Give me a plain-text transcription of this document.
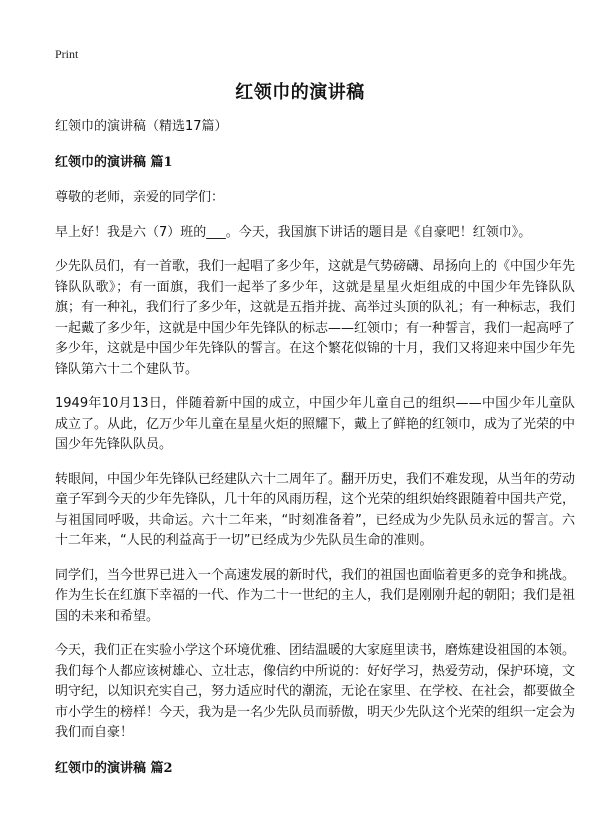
Print
红领巾的演讲稿
红领巾的演讲稿（精选17篇）
红领巾的演讲稿 篇1
尊敬的老师，亲爱的同学们：
早上好！我是六（7）班的___。今天，我国旗下讲话的题目是《自豪吧！红领巾》。
少先队员们，有一首歌，我们一起唱了多少年，这就是气势磅礴、昂扬向上的《中国少年先锋队队歌》；有一面旗，我们一起举了多少年，这就是星星火炬组成的中国少年先锋队队旗；有一种礼，我们行了多少年，这就是五指并拢、高举过头顶的队礼；有一种标志，我们一起戴了多少年，这就是中国少年先锋队的标志——红领巾；有一种誓言，我们一起高呼了多少年，这就是中国少年先锋队的誓言。在这个繁花似锦的十月，我们又将迎来中国少年先锋队第六十二个建队节。
1949年10月13日，伴随着新中国的成立，中国少年儿童自己的组织——中国少年儿童队成立了。从此，亿万少年儿童在星星火炬的照耀下，戴上了鲜艳的红领巾，成为了光荣的中国少年先锋队队员。
转眼间，中国少年先锋队已经建队六十二周年了。翻开历史，我们不难发现，从当年的劳动童子军到今天的少年先锋队，几十年的风雨历程，这个光荣的组织始终跟随着中国共产党，与祖国同呼吸，共命运。六十二年来，“时刻准备着”，已经成为少先队员永远的誓言。六十二年来，“人民的利益高于一切”已经成为少先队员生命的准则。
同学们，当今世界已进入一个高速发展的新时代，我们的祖国也面临着更多的竞争和挑战。作为生长在红旗下幸福的一代、作为二十一世纪的主人，我们是刚刚升起的朝阳；我们是祖国的未来和希望。
今天，我们正在实验小学这个环境优雅、团结温暖的大家庭里读书，磨炼建设祖国的本领。我们每个人都应该树雄心、立壮志，像信约中所说的：好好学习，热爱劳动，保护环境，文明守纪，以知识充实自己，努力适应时代的潮流，无论在家里、在学校、在社会，都要做全市小学生的榜样！今天，我为是一名少先队员而骄傲，明天少先队这个光荣的组织一定会为我们而自豪！
红领巾的演讲稿 篇2
